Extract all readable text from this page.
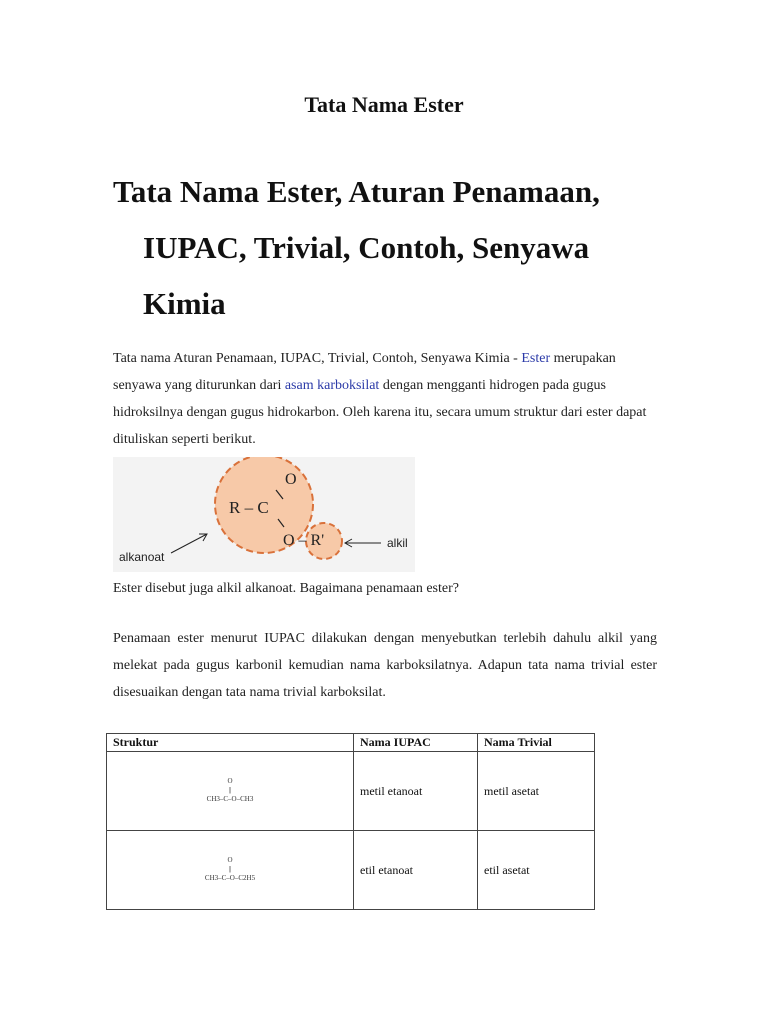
Tata Nama Ester
Tata Nama Ester, Aturan Penamaan,
IUPAC, Trivial, Contoh, Senyawa
Kimia

Tata nama Aturan Penamaan, IUPAC, Trivial, Contoh, Senyawa Kimia - Ester merupakan senyawa yang diturunkan dari asam karboksilat dengan mengganti hidrogen pada gugus hidroksilnya dengan gugus hidrokarbon. Oleh karena itu, secara umum struktur dari ester dapat dituliskan seperti berikut.

O
R – C
O – R'
alkanoat
alkil

Ester disebut juga alkil alkanoat. Bagaimana penamaan ester?

Penamaan ester menurut IUPAC dilakukan dengan menyebutkan terlebih dahulu alkil yang melekat pada gugus karbonil kemudian nama karboksilatnya. Adapun tata nama trivial ester disesuaikan dengan tata nama trivial karboksilat.

Struktur	Nama IUPAC	Nama Trivial

O
||
CH3–C–O–CH3	metil etanoat	metil asetat

O
||
CH3–C–O–C2H5	etil etanoat	etil asetat
